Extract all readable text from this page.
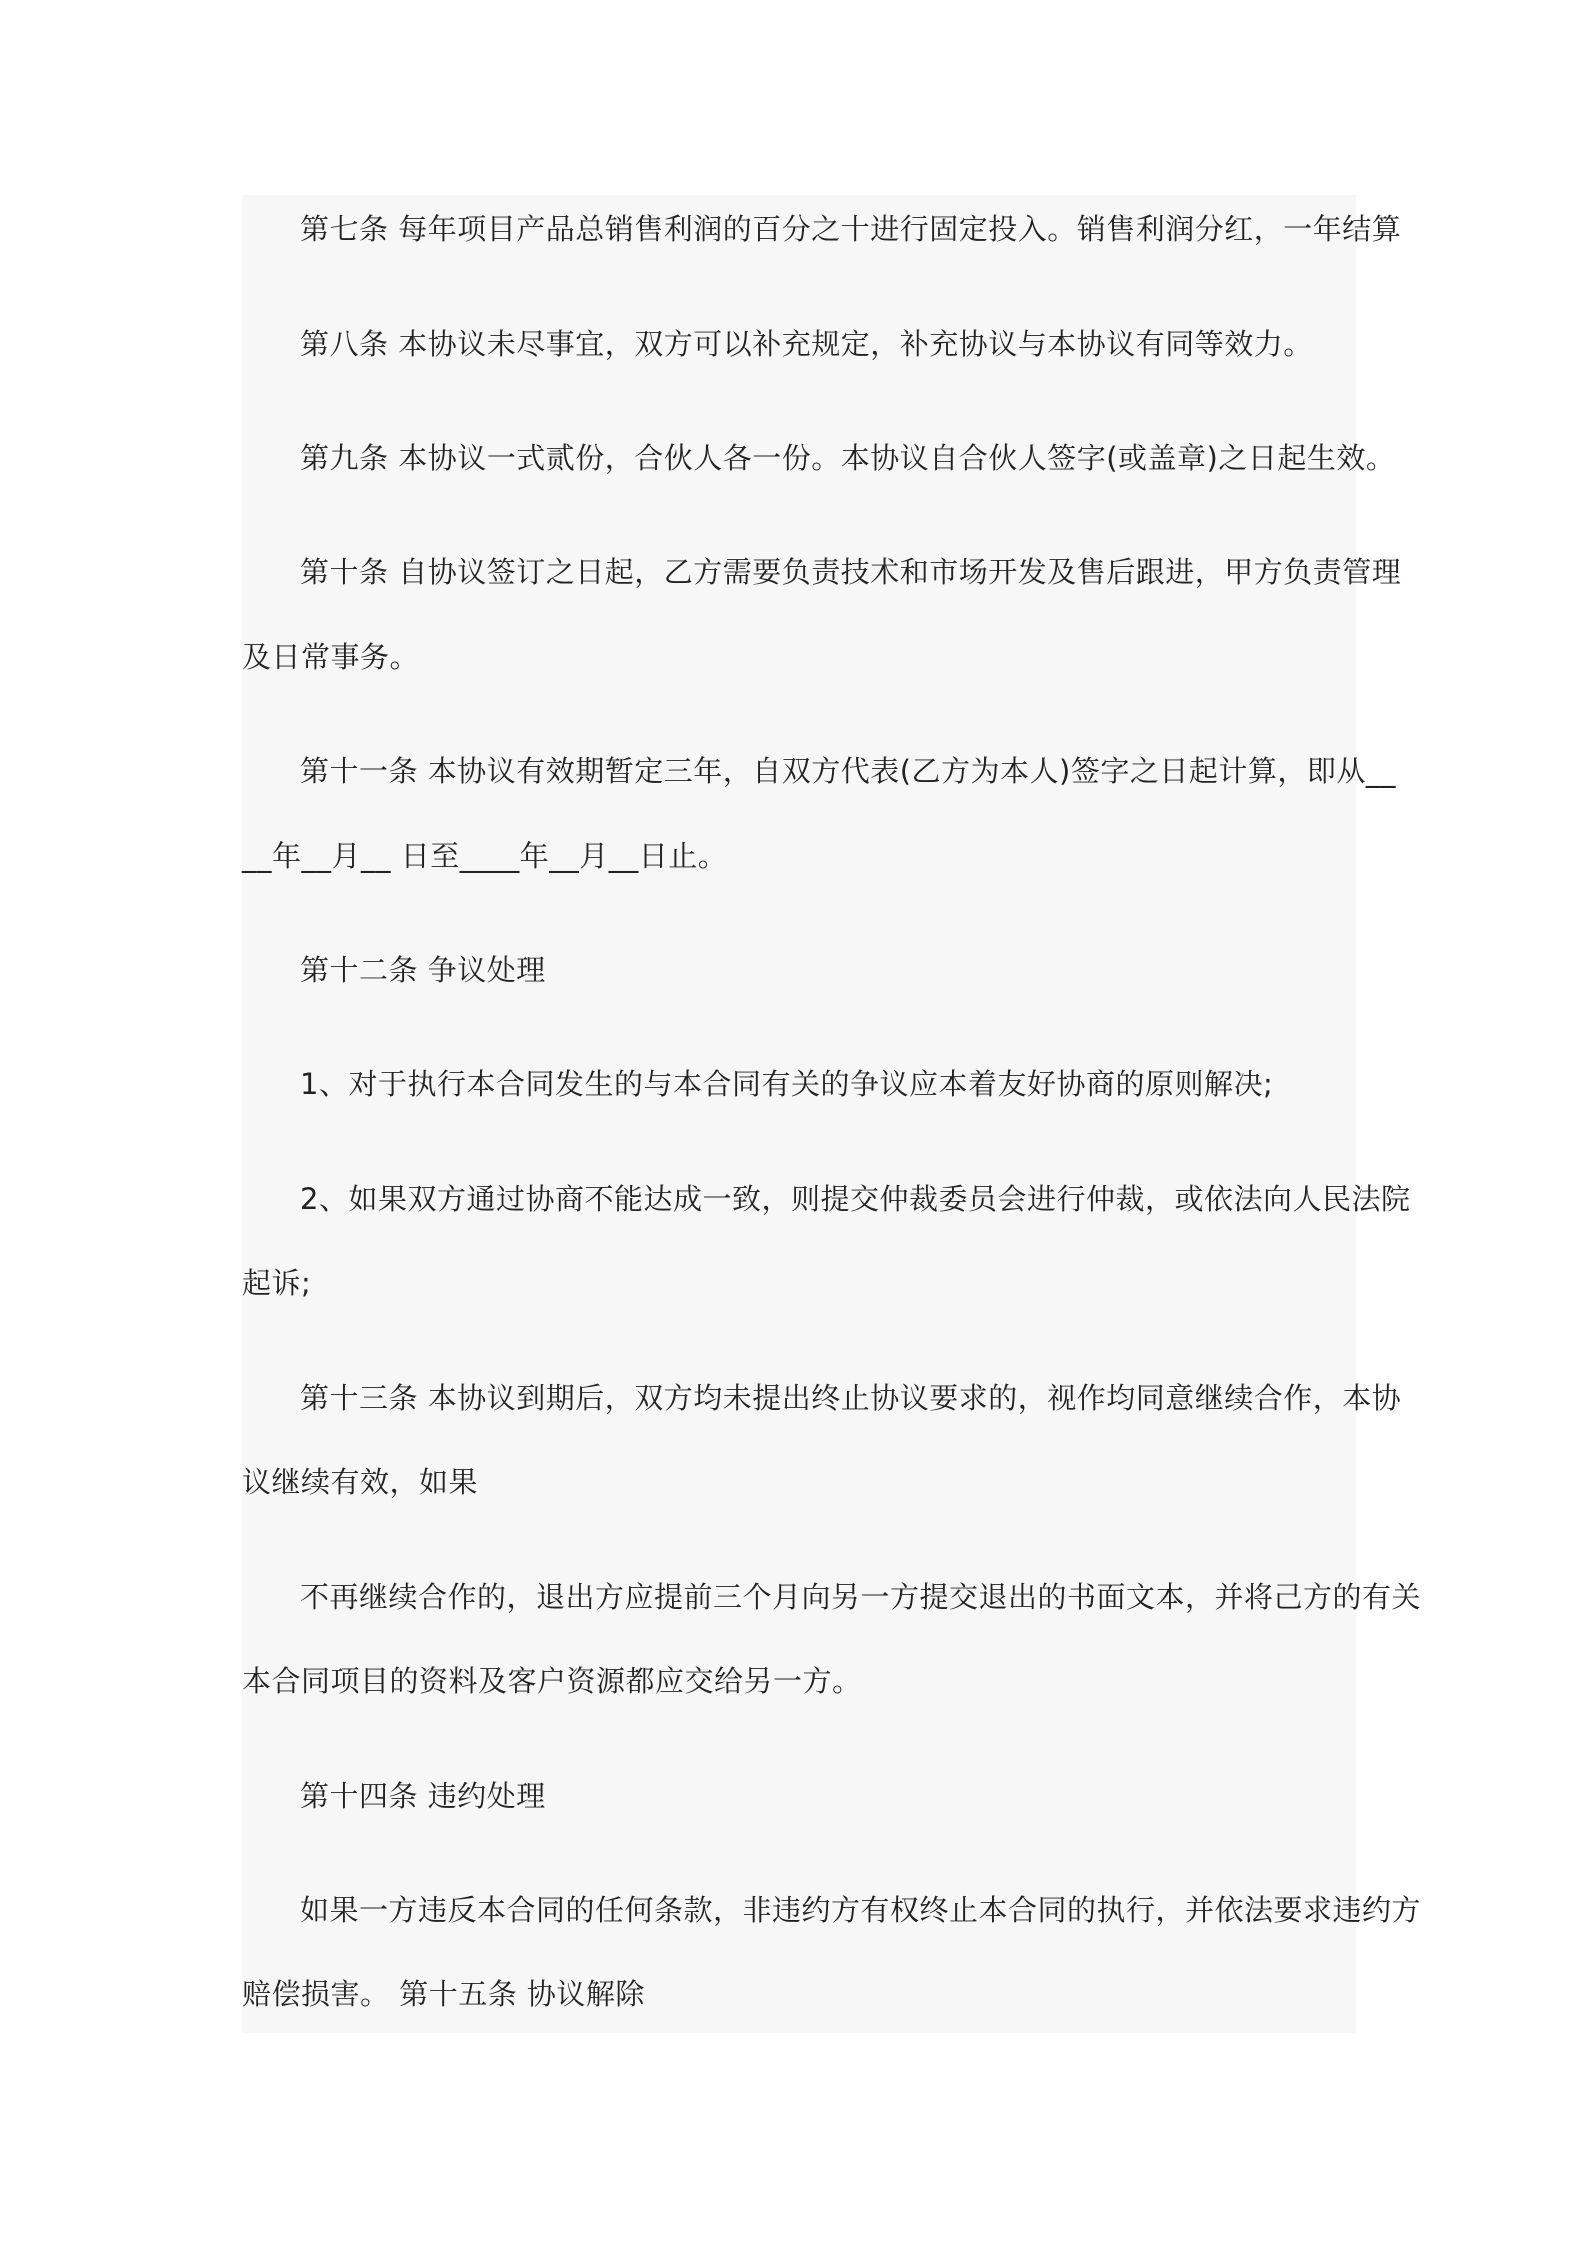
第七条 每年项目产品总销售利润的百分之十进行固定投入。销售利润分红，一年结算
第八条 本协议未尽事宜，双方可以补充规定，补充协议与本协议有同等效力。
第九条 本协议一式贰份，合伙人各一份。本协议自合伙人签字(或盖章)之日起生效。
第十条 自协议签订之日起，乙方需要负责技术和市场开发及售后跟进，甲方负责管理
及日常事务。
第十一条 本协议有效期暂定三年，自双方代表(乙方为本人)签字之日起计算，即从__
__年__月__ 日至____年__月__日止。
第十二条 争议处理
1、对于执行本合同发生的与本合同有关的争议应本着友好协商的原则解决;
2、如果双方通过协商不能达成一致，则提交仲裁委员会进行仲裁，或依法向人民法院
起诉;
第十三条 本协议到期后，双方均未提出终止协议要求的，视作均同意继续合作，本协
议继续有效，如果
不再继续合作的，退出方应提前三个月向另一方提交退出的书面文本，并将己方的有关
本合同项目的资料及客户资源都应交给另一方。
第十四条 违约处理
如果一方违反本合同的任何条款，非违约方有权终止本合同的执行，并依法要求违约方
赔偿损害。 第十五条 协议解除
